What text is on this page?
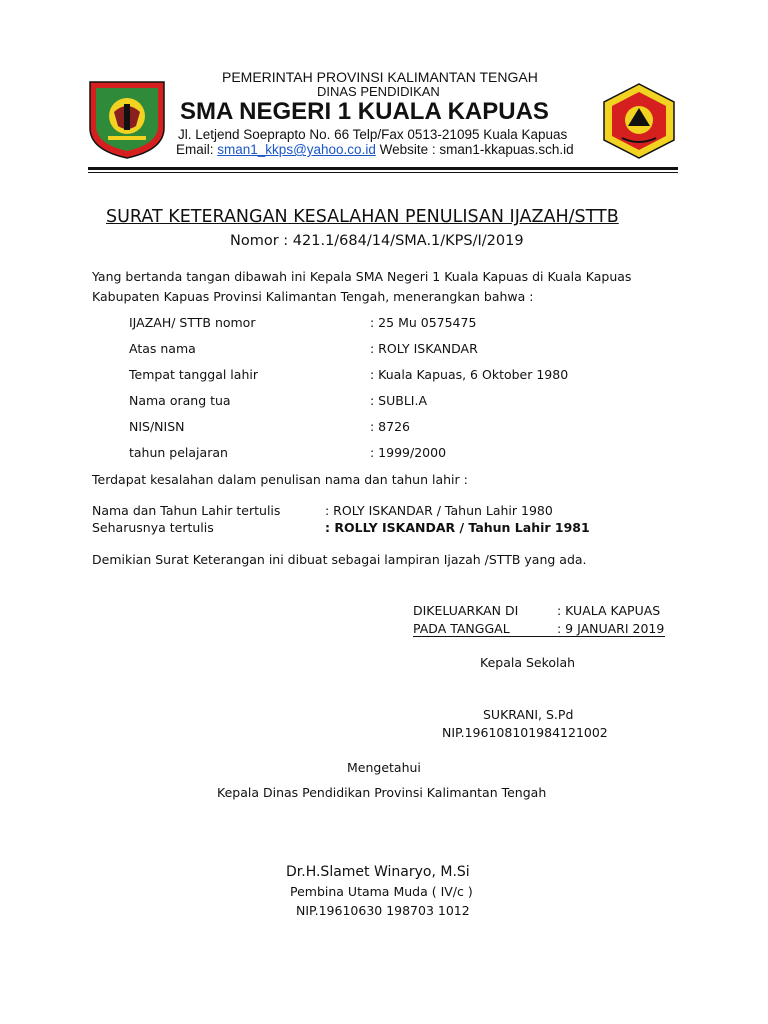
PEMERINTAH PROVINSI KALIMANTAN TENGAH
DINAS PENDIDIKAN
SMA NEGERI 1 KUALA KAPUAS
Jl. Letjend Soeprapto No. 66 Telp/Fax 0513-21095 Kuala Kapuas
Email: sman1_kkps@yahoo.co.id Website : sman1-kkapuas.sch.id
SURAT KETERANGAN KESALAHAN PENULISAN IJAZAH/STTB
Nomor : 421.1/684/14/SMA.1/KPS/I/2019
Yang bertanda tangan dibawah ini Kepala SMA Negeri 1 Kuala Kapuas di Kuala Kapuas
Kabupaten Kapuas Provinsi Kalimantan Tengah, menerangkan bahwa :
IJAZAH/ STTB nomor	: 25 Mu 0575475
Atas nama	: ROLY ISKANDAR
Tempat tanggal lahir	: Kuala Kapuas, 6 Oktober 1980
Nama orang tua	: SUBLI.A
NIS/NISN	: 8726
tahun pelajaran	: 1999/2000
Terdapat kesalahan dalam penulisan nama dan tahun lahir :
Nama dan Tahun Lahir tertulis	: ROLY ISKANDAR / Tahun Lahir 1980
Seharusnya tertulis	: ROLLY ISKANDAR / Tahun Lahir 1981
Demikian Surat Keterangan ini dibuat sebagai lampiran Ijazah /STTB yang ada.
DIKELUARKAN DI	: KUALA KAPUAS
PADA TANGGAL	: 9 JANUARI 2019
Kepala Sekolah
SUKRANI, S.Pd
NIP.196108101984121002
Mengetahui
Kepala Dinas Pendidikan Provinsi Kalimantan Tengah
Dr.H.Slamet Winaryo, M.Si
Pembina Utama Muda ( IV/c )
NIP.19610630 198703 1012
